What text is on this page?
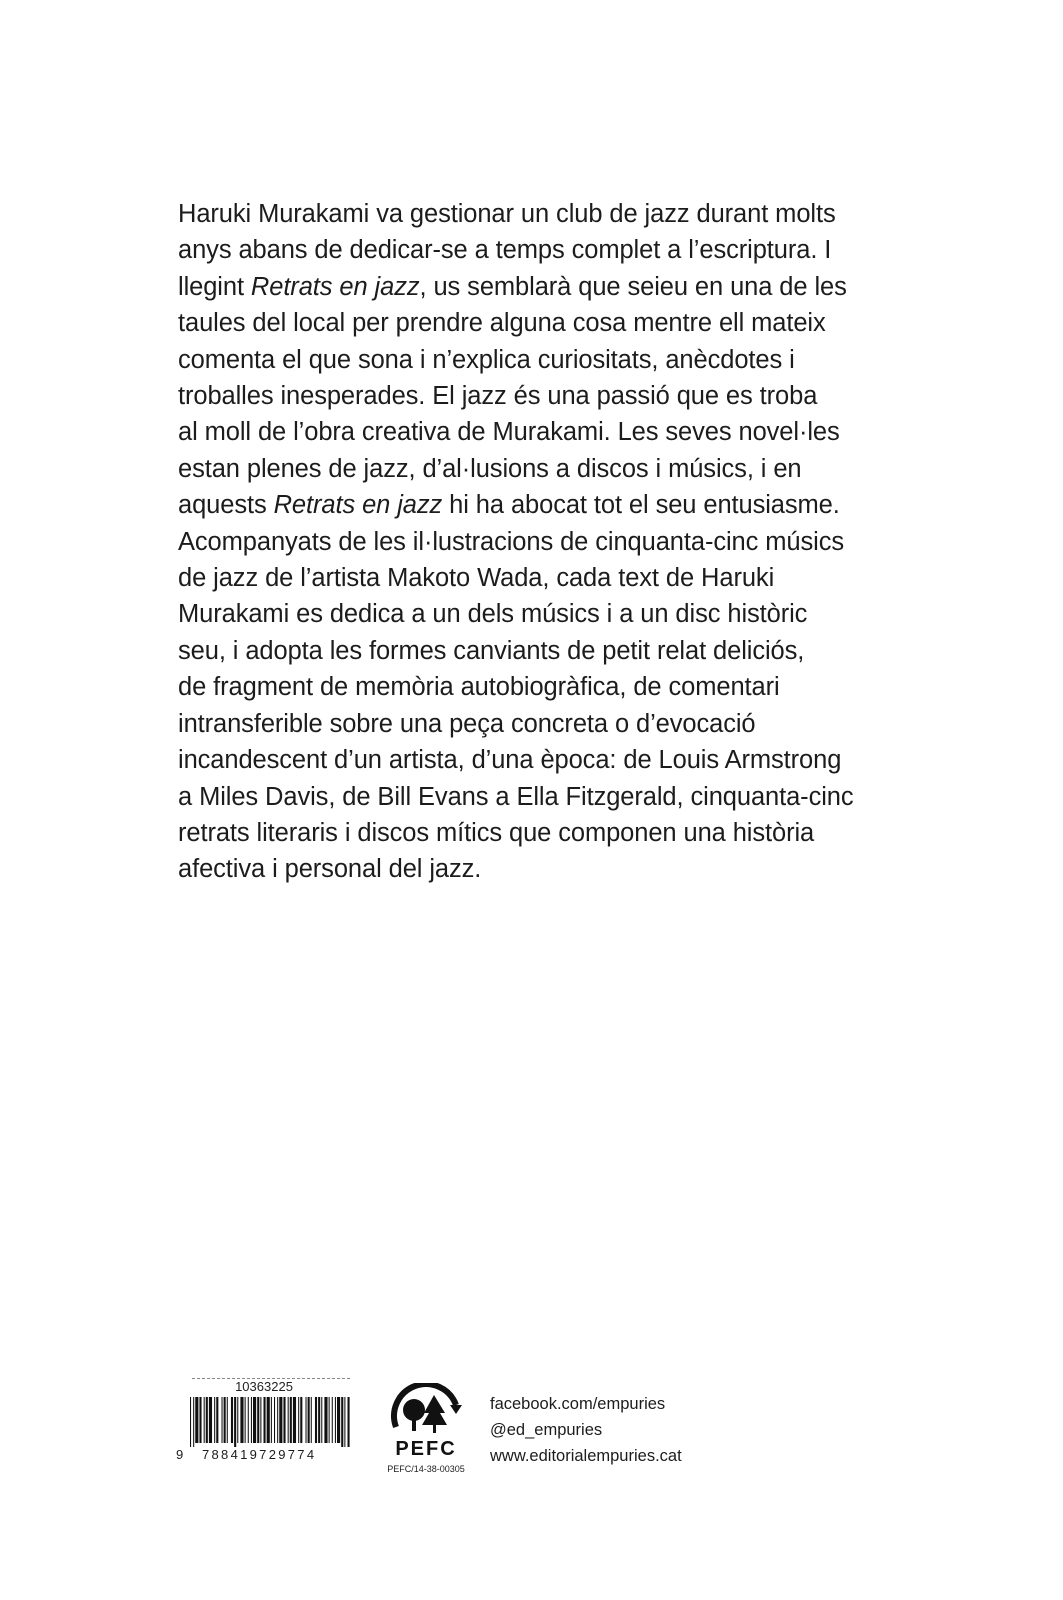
Haruki Murakami va gestionar un club de jazz durant molts
anys abans de dedicar-se a temps complet a l’escriptura. I
llegint Retrats en jazz, us semblarà que seieu en una de les
taules del local per prendre alguna cosa mentre ell mateix
comenta el que sona i n’explica curiositats, anècdotes i
troballes inesperades. El jazz és una passió que es troba
al moll de l’obra creativa de Murakami. Les seves novel·les
estan plenes de jazz, d’al·lusions a discos i músics, i en
aquests Retrats en jazz hi ha abocat tot el seu entusiasme.
Acompanyats de les il·lustracions de cinquanta-cinc músics
de jazz de l’artista Makoto Wada, cada text de Haruki
Murakami es dedica a un dels músics i a un disc històric
seu, i adopta les formes canviants de petit relat deliciós,
de fragment de memòria autobiogràfica, de comentari
intransferible sobre una peça concreta o d’evocació
incandescent d’un artista, d’una època: de Louis Armstrong
a Miles Davis, de Bill Evans a Ella Fitzgerald, cinquanta-cinc
retrats literaris i discos mítics que componen una història
afectiva i personal del jazz.
10363225
9 788419729774	PEFC
PEFC/14-38-00305
facebook.com/empuries
@ed_empuries
www.editorialempuries.cat
